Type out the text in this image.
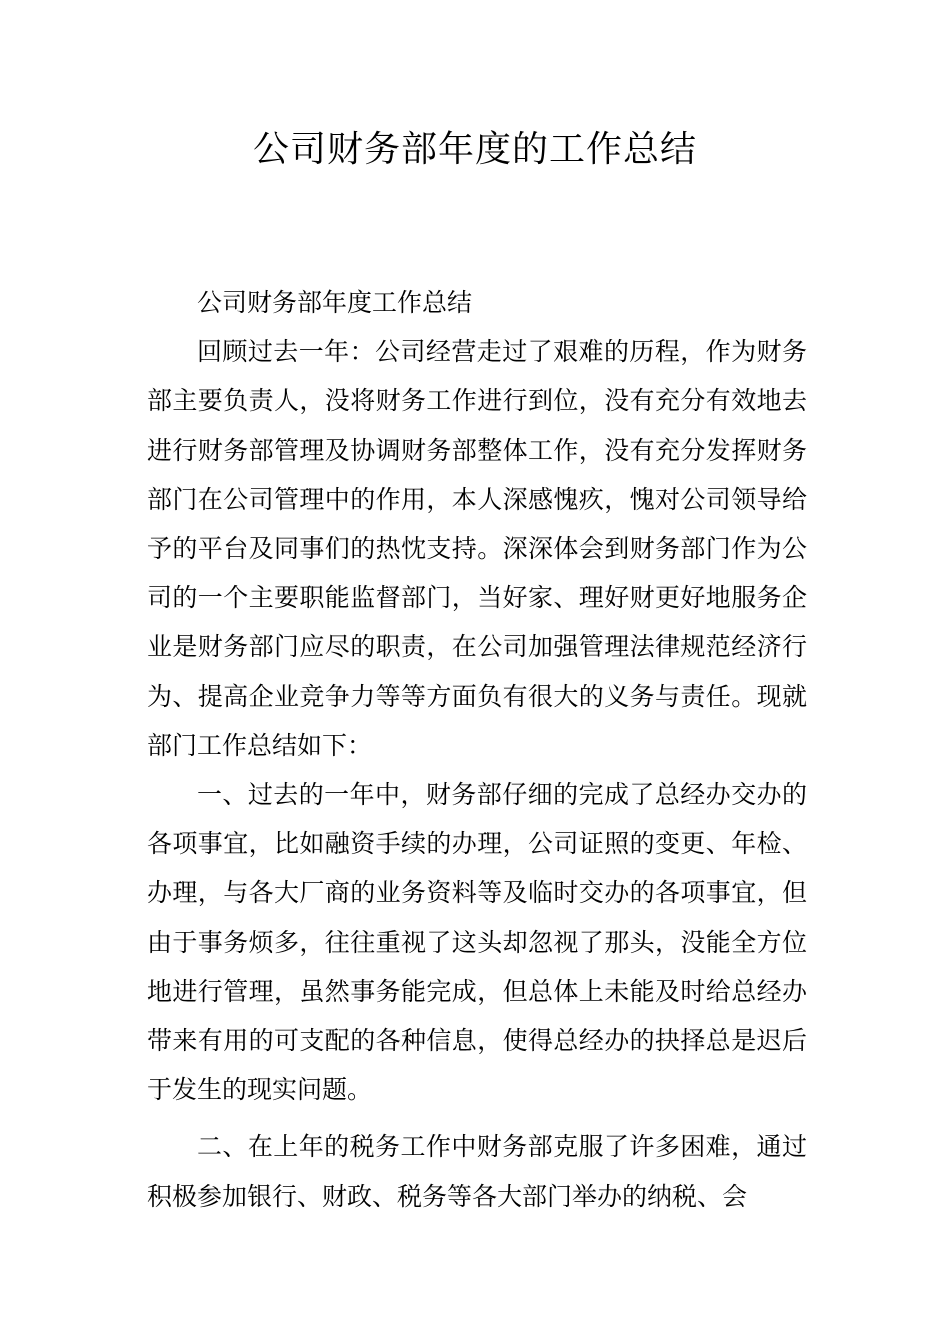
公司财务部年度的工作总结

公司财务部年度工作总结

回顾过去一年：公司经营走过了艰难的历程，作为财务部主要负责人，没将财务工作进行到位，没有充分有效地去进行财务部管理及协调财务部整体工作，没有充分发挥财务部门在公司管理中的作用，本人深感愧疚，愧对公司领导给予的平台及同事们的热忱支持。深深体会到财务部门作为公司的一个主要职能监督部门，当好家、理好财更好地服务企业是财务部门应尽的职责，在公司加强管理法律规范经济行为、提高企业竞争力等等方面负有很大的义务与责任。现就部门工作总结如下：

一、过去的一年中，财务部仔细的完成了总经办交办的各项事宜，比如融资手续的办理，公司证照的变更、年检、办理，与各大厂商的业务资料等及临时交办的各项事宜，但由于事务烦多，往往重视了这头却忽视了那头，没能全方位地进行管理，虽然事务能完成，但总体上未能及时给总经办带来有用的可支配的各种信息，使得总经办的抉择总是迟后于发生的现实问题。

二、在上年的税务工作中财务部克服了许多困难，通过积极参加银行、财政、税务等各大部门举办的纳税、会
